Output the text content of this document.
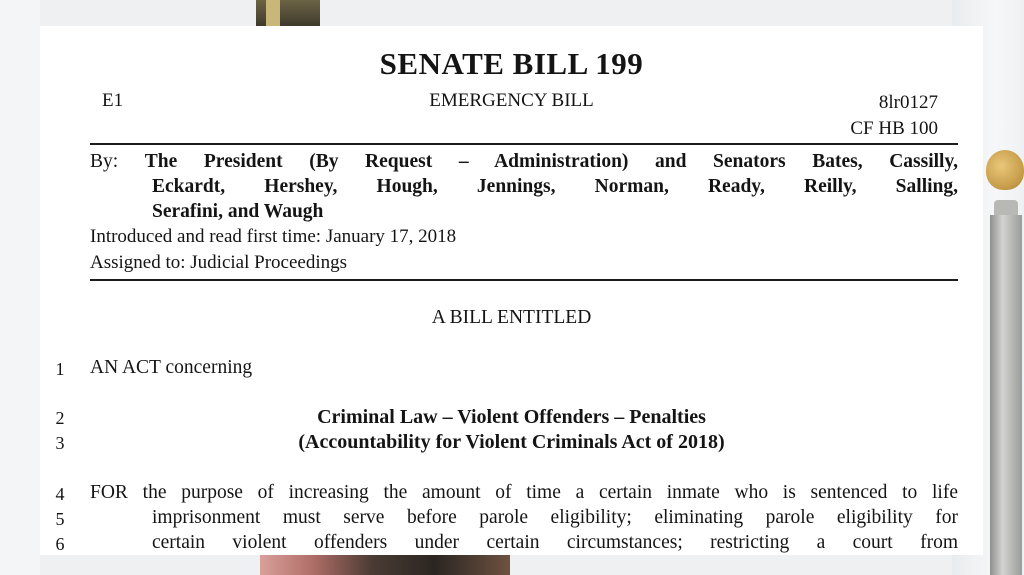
SENATE BILL 199
E1	EMERGENCY BILL	8lr0127
CF HB 100
By: The President (By Request – Administration) and Senators Bates, Cassilly,
Eckardt, Hershey, Hough, Jennings, Norman, Ready, Reilly, Salling,
Serafini, and Waugh
Introduced and read first time: January 17, 2018
Assigned to: Judicial Proceedings
A BILL ENTITLED
1 AN ACT concerning
2	Criminal Law – Violent Offenders – Penalties
3	(Accountability for Violent Criminals Act of 2018)
4 FOR the purpose of increasing the amount of time a certain inmate who is sentenced to life
5	imprisonment must serve before parole eligibility; eliminating parole eligibility for
6	certain violent offenders under certain circumstances; restricting a court from
